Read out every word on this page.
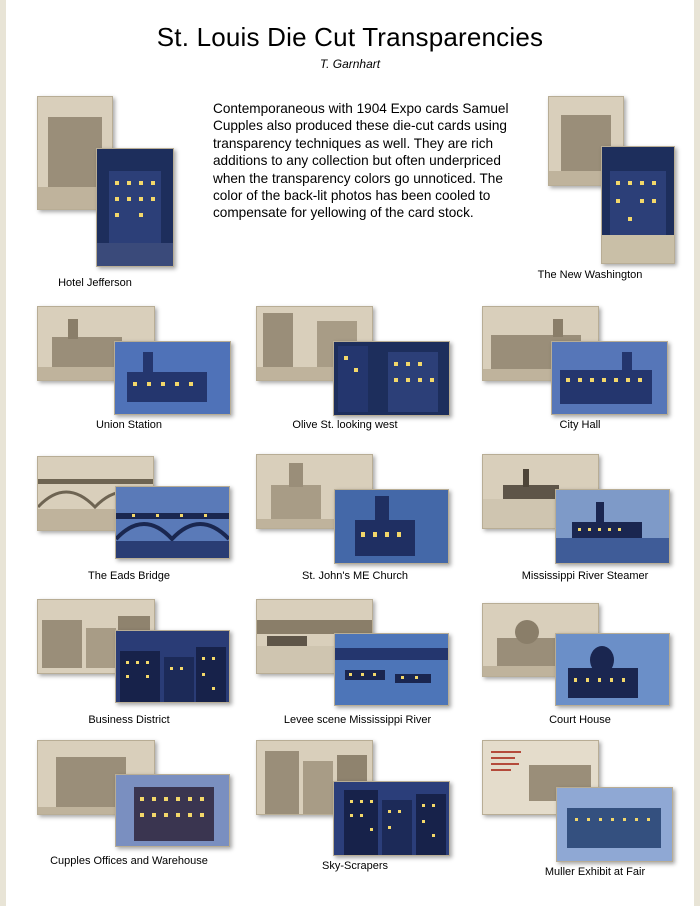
St. Louis Die Cut Transparencies
T. Garnhart
Contemporaneous with 1904 Expo cards Samuel Cupples also produced these die-cut cards using transparency techniques as well. They are rich additions to any collection but often underpriced when the transparency colors go unnoticed. The color of the back-lit photos has been cooled to compensate for yellowing of the card stock.
Hotel Jefferson
The New Washington
Union Station	Olive St. looking west	City Hall
The Eads Bridge	St. John's ME Church	Mississippi River Steamer
Business District	Levee scene Mississippi River	Court House
Cupples Offices and Warehouse	Sky-Scrapers	Muller Exhibit at Fair
